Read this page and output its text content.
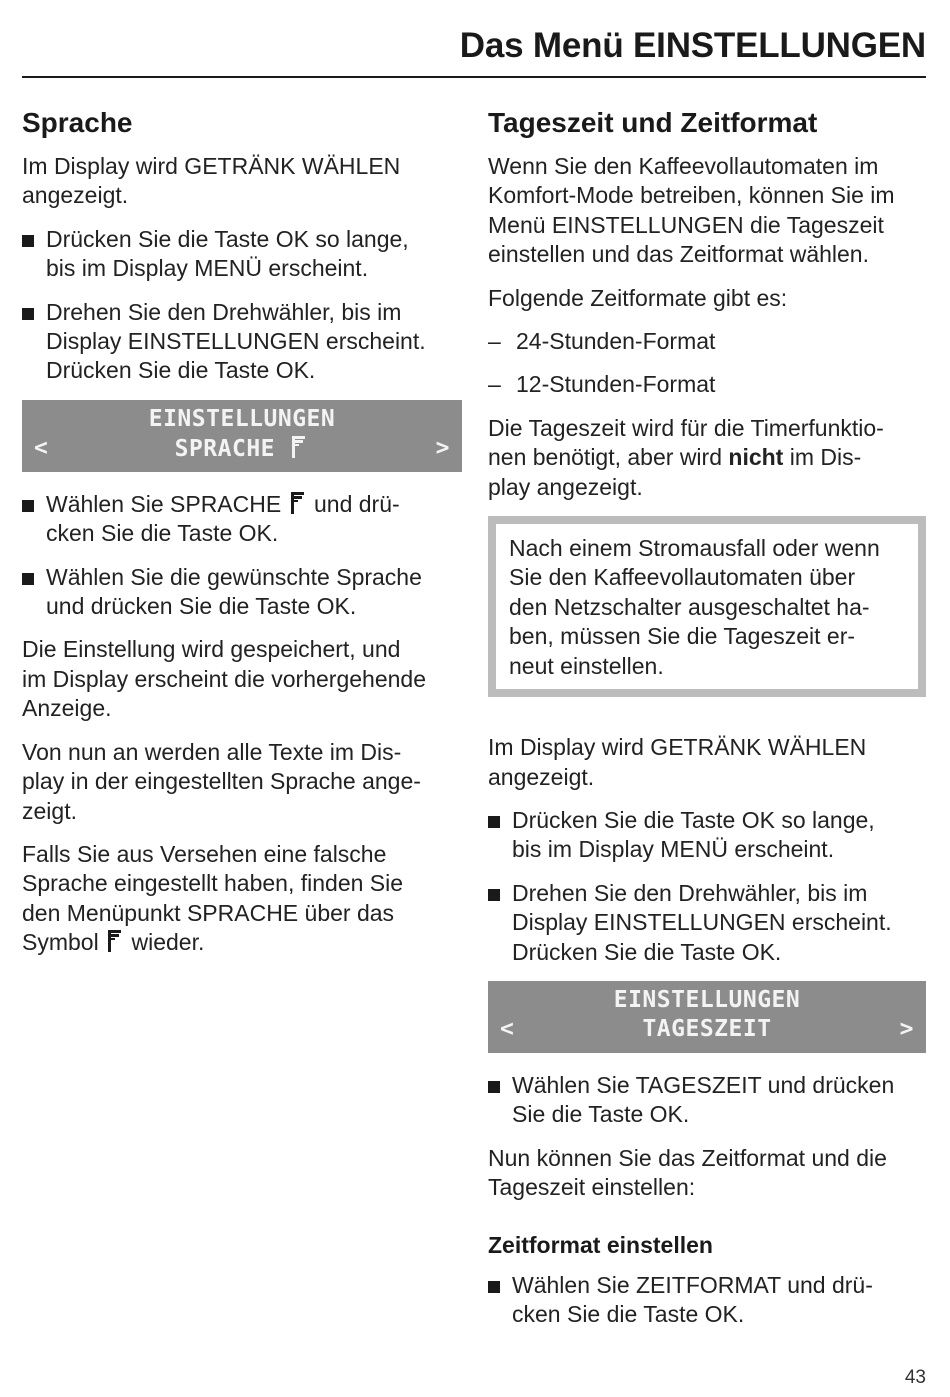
Das Menü EINSTELLUNGEN
Sprache

Im Display wird GETRÄNK WÄHLEN
angezeigt.

Drücken Sie die Taste OK so lange,
bis im Display MENÜ erscheint.
Drehen Sie den Drehwähler, bis im
Display EINSTELLUNGEN erscheint.
Drücken Sie die Taste OK.
EINSTELLUNGEN
<	SPRACHE	>
Wählen Sie SPRACHE und drü-
cken Sie die Taste OK.
Wählen Sie die gewünschte Sprache
und drücken Sie die Taste OK.

Die Einstellung wird gespeichert, und
im Display erscheint die vorhergehende
Anzeige.

Von nun an werden alle Texte im Dis-
play in der eingestellten Sprache ange-
zeigt.

Falls Sie aus Versehen eine falsche
Sprache eingestellt haben, finden Sie
den Menüpunkt SPRACHE über das
Symbol wieder.

Tageszeit und Zeitformat

Wenn Sie den Kaffeevollautomaten im
Komfort-Mode betreiben, können Sie im
Menü EINSTELLUNGEN die Tageszeit
einstellen und das Zeitformat wählen.

Folgende Zeitformate gibt es:

– 24-Stunden-Format
– 12-Stunden-Format

Die Tageszeit wird für die Timerfunktio-
nen benötigt, aber wird nicht im Dis-
play angezeigt.

Nach einem Stromausfall oder wenn
Sie den Kaffeevollautomaten über
den Netzschalter ausgeschaltet ha-
ben, müssen Sie die Tageszeit er-
neut einstellen.

Im Display wird GETRÄNK WÄHLEN
angezeigt.

Drücken Sie die Taste OK so lange,
bis im Display MENÜ erscheint.
Drehen Sie den Drehwähler, bis im
Display EINSTELLUNGEN erscheint.
Drücken Sie die Taste OK.
EINSTELLUNGEN
<	TAGESZEIT	>
Wählen Sie TAGESZEIT und drücken
Sie die Taste OK.

Nun können Sie das Zeitformat und die
Tageszeit einstellen:

Zeitformat einstellen
Wählen Sie ZEITFORMAT und drü-
cken Sie die Taste OK.
43
